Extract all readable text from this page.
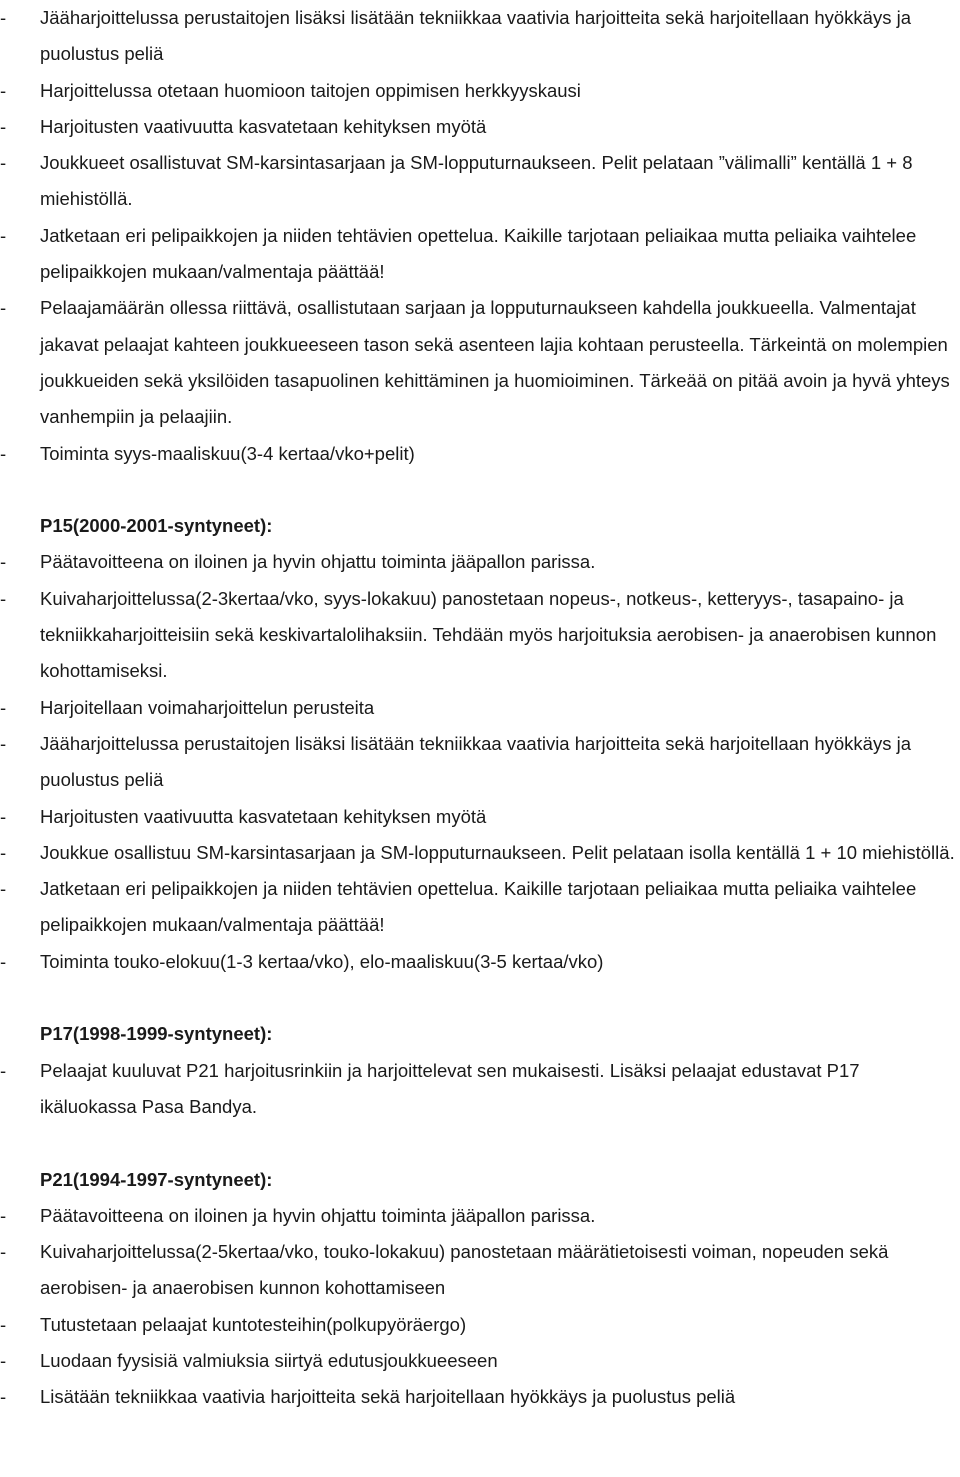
- Jääharjoittelussa perustaitojen lisäksi lisätään tekniikkaa vaativia harjoitteita sekä harjoitellaan hyökkäys ja puolustus peliä
- Harjoittelussa otetaan huomioon taitojen oppimisen herkkyyskausi
- Harjoitusten vaativuutta kasvatetaan kehityksen myötä
- Joukkueet osallistuvat SM-karsintasarjaan ja SM-lopputurnaukseen. Pelit pelataan ”välimalli” kentällä 1 + 8 miehistöllä.
- Jatketaan eri pelipaikkojen ja niiden tehtävien opettelua. Kaikille tarjotaan peliaikaa mutta peliaika vaihtelee pelipaikkojen mukaan/valmentaja päättää!
- Pelaajamäärän ollessa riittävä, osallistutaan sarjaan ja lopputurnaukseen kahdella joukkueella. Valmentajat jakavat pelaajat kahteen joukkueeseen tason sekä asenteen lajia kohtaan perusteella. Tärkeintä on molempien joukkueiden sekä yksilöiden tasapuolinen kehittäminen ja huomioiminen. Tärkeää on pitää avoin ja hyvä yhteys vanhempiin ja pelaajiin.
- Toiminta syys-maaliskuu(3-4 kertaa/vko+pelit)
P15(2000-2001-syntyneet):
- Päätavoitteena on iloinen ja hyvin ohjattu toiminta jääpallon parissa.
- Kuivaharjoittelussa(2-3kertaa/vko, syys-lokakuu) panostetaan nopeus-, notkeus-, ketteryys-, tasapaino- ja tekniikkaharjoitteisiin sekä keskivartalolihaksiin. Tehdään myös harjoituksia aerobisen- ja anaerobisen kunnon kohottamiseksi.
- Harjoitellaan voimaharjoittelun perusteita
- Jääharjoittelussa perustaitojen lisäksi lisätään tekniikkaa vaativia harjoitteita sekä harjoitellaan hyökkäys ja puolustus peliä
- Harjoitusten vaativuutta kasvatetaan kehityksen myötä
- Joukkue osallistuu SM-karsintasarjaan ja SM-lopputurnaukseen. Pelit pelataan isolla kentällä 1 + 10 miehistöllä.
- Jatketaan eri pelipaikkojen ja niiden tehtävien opettelua. Kaikille tarjotaan peliaikaa mutta peliaika vaihtelee pelipaikkojen mukaan/valmentaja päättää!
- Toiminta touko-elokuu(1-3 kertaa/vko), elo-maaliskuu(3-5 kertaa/vko)
P17(1998-1999-syntyneet):
- Pelaajat kuuluvat P21 harjoitusrinkiin ja harjoittelevat sen mukaisesti. Lisäksi pelaajat edustavat P17 ikäluokassa Pasa Bandya.
P21(1994-1997-syntyneet):
- Päätavoitteena on iloinen ja hyvin ohjattu toiminta jääpallon parissa.
- Kuivaharjoittelussa(2-5kertaa/vko, touko-lokakuu) panostetaan määrätietoisesti voiman, nopeuden sekä aerobisen- ja anaerobisen kunnon kohottamiseen
- Tutustetaan pelaajat kuntotesteihin(polkupyöräergo)
- Luodaan fyysisiä valmiuksia siirtyä edutusjoukkueeseen
- Lisätään tekniikkaa vaativia harjoitteita sekä harjoitellaan hyökkäys ja puolustus peliä
